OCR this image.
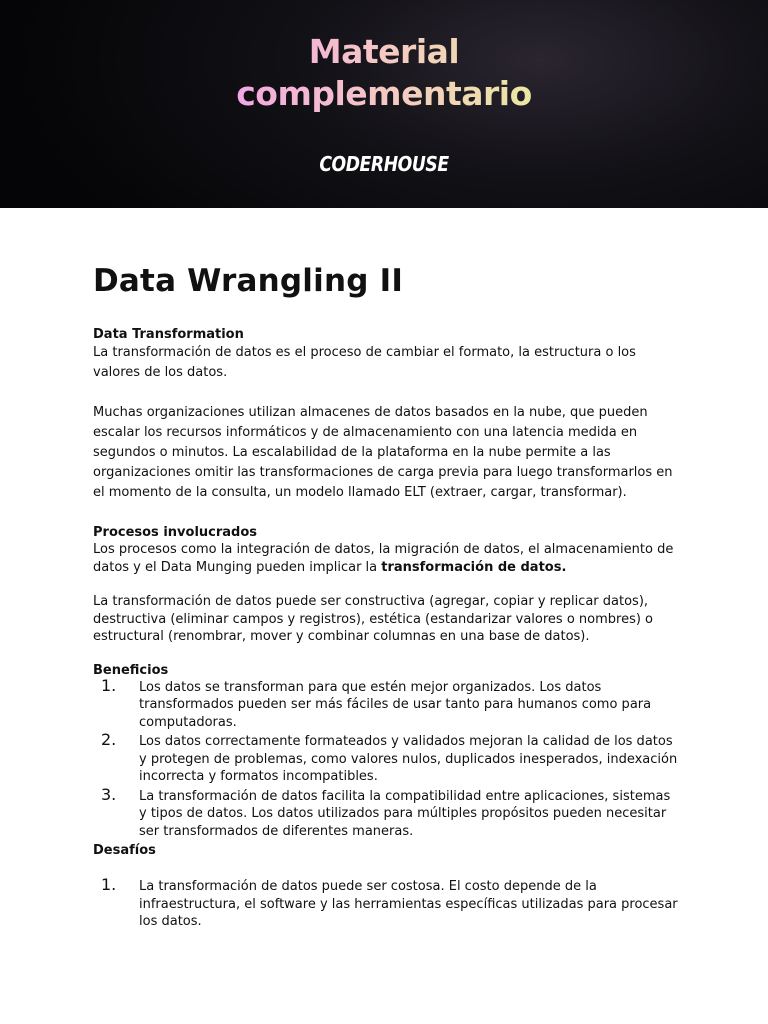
Material
complementario
CODERHOUSE
Data Wrangling II

Data Transformation

La transformación de datos es el proceso de cambiar el formato, la estructura o los valores de los datos.

Muchas organizaciones utilizan almacenes de datos basados en la nube, que pueden escalar los recursos informáticos y de almacenamiento con una latencia medida en segundos o minutos. La escalabilidad de la plataforma en la nube permite a las organizaciones omitir las transformaciones de carga previa para luego transformarlos en el momento de la consulta, un modelo llamado ELT (extraer, cargar, transformar).

Procesos involucrados

Los procesos como la integración de datos, la migración de datos, el almacenamiento de datos y el Data Munging pueden implicar la transformación de datos.

La transformación de datos puede ser constructiva (agregar, copiar y replicar datos), destructiva (eliminar campos y registros), estética (estandarizar valores o nombres) o estructural (renombrar, mover y combinar columnas en una base de datos).

Beneficios

1. Los datos se transforman para que estén mejor organizados. Los datos transformados pueden ser más fáciles de usar tanto para humanos como para computadoras.
2. Los datos correctamente formateados y validados mejoran la calidad de los datos y protegen de problemas, como valores nulos, duplicados inesperados, indexación incorrecta y formatos incompatibles.
3. La transformación de datos facilita la compatibilidad entre aplicaciones, sistemas y tipos de datos. Los datos utilizados para múltiples propósitos pueden necesitar ser transformados de diferentes maneras.

Desafíos

1. La transformación de datos puede ser costosa. El costo depende de la infraestructura, el software y las herramientas específicas utilizadas para procesar los datos.
